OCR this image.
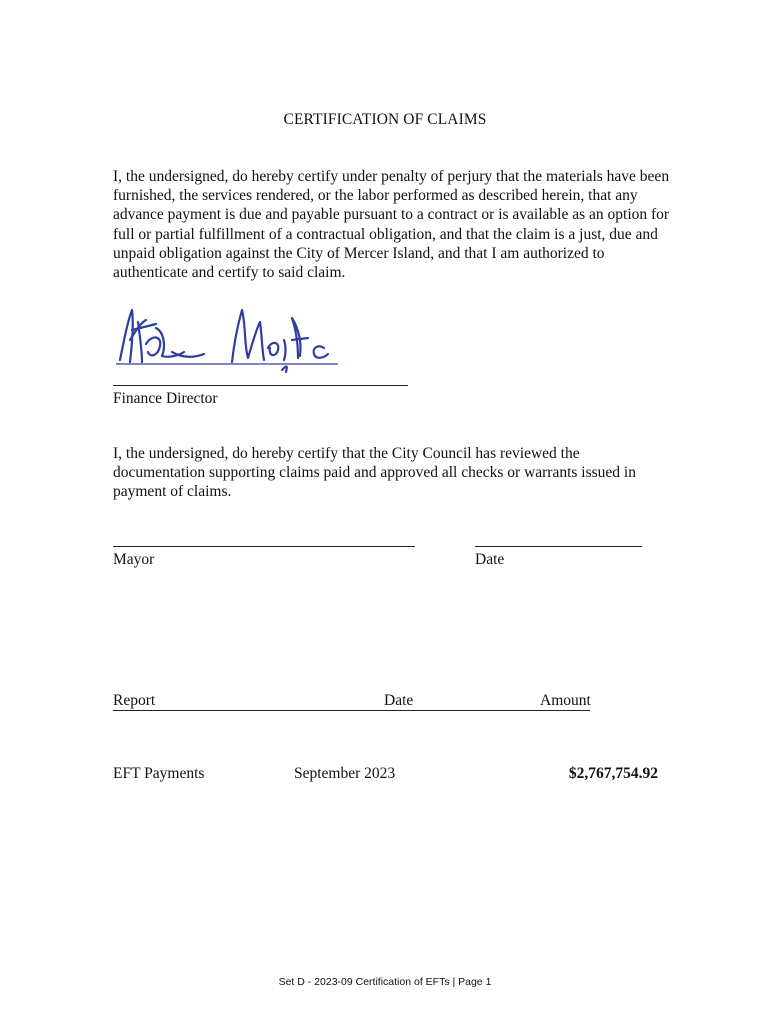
CERTIFICATION OF CLAIMS
I, the undersigned, do hereby certify under penalty of perjury that the materials have been furnished, the services rendered, or the labor performed as described herein, that any advance payment is due and payable pursuant to a contract or is available as an option for full or partial fulfillment of a contractual obligation, and that the claim is a just, due and unpaid obligation against the City of Mercer Island, and that I am authorized to authenticate and certify to said claim.
Finance Director
I, the undersigned, do hereby certify that the City Council has reviewed the documentation supporting claims paid and approved all checks or warrants issued in payment of claims.
Mayor	Date
Report	Date	Amount
EFT Payments	September 2023	$2,767,754.92
Set D - 2023-09 Certification of EFTs | Page 1
